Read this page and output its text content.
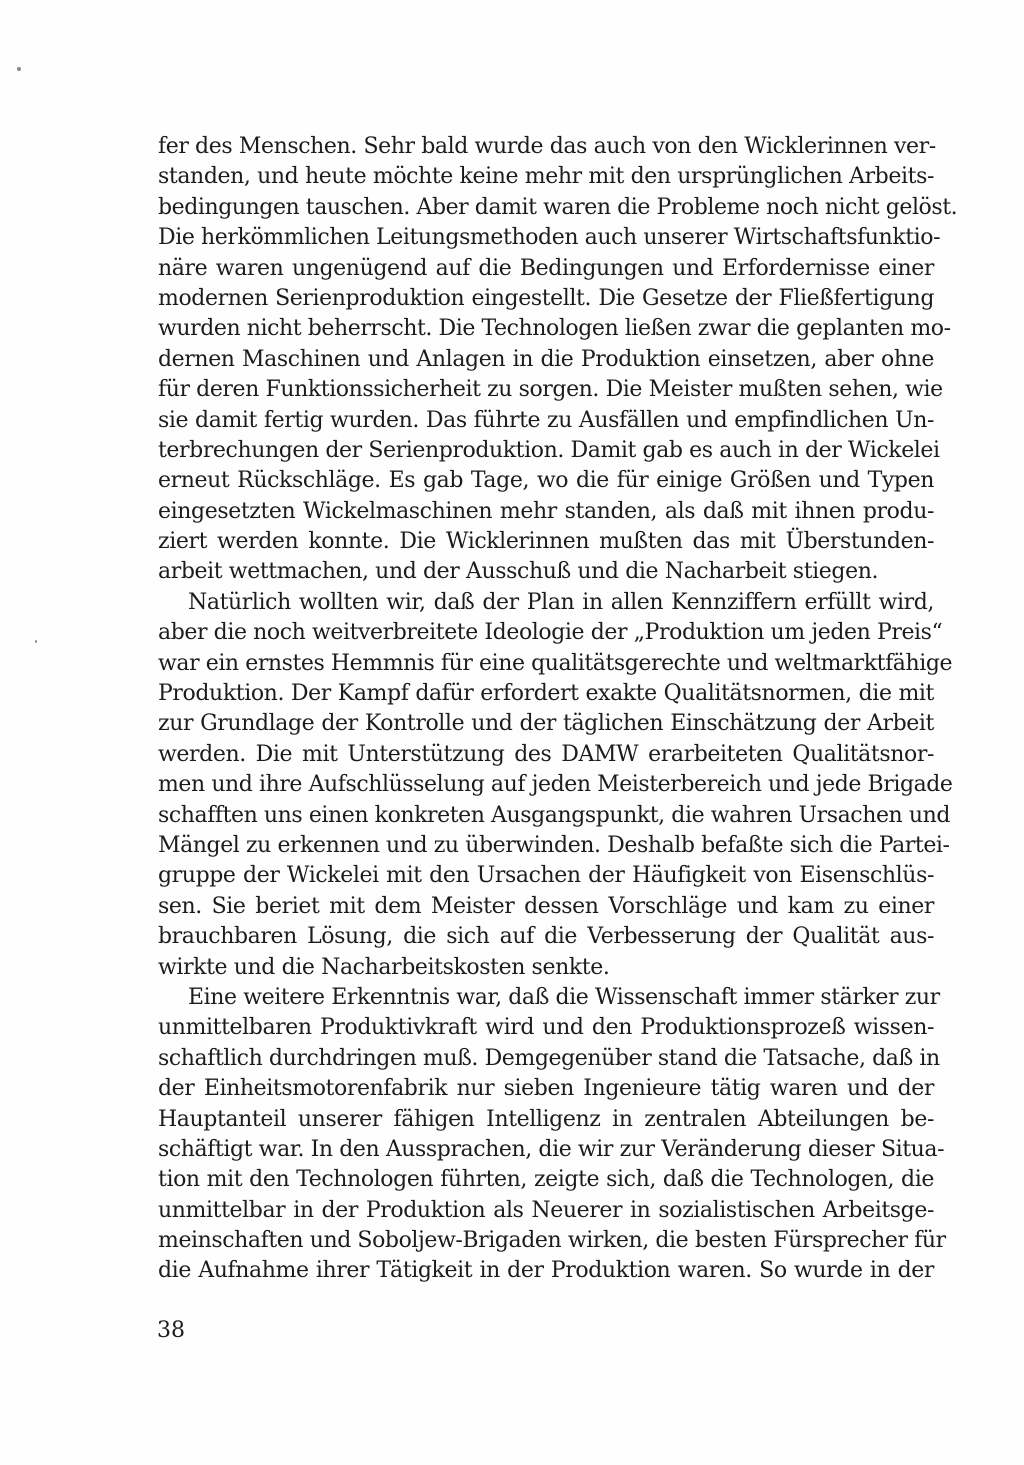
fer des Menschen. Sehr bald wurde das auch von den Wicklerinnen ver-
standen, und heute möchte keine mehr mit den ursprünglichen Arbeits-
bedingungen tauschen. Aber damit waren die Probleme noch nicht gelöst.
Die herkömmlichen Leitungsmethoden auch unserer Wirtschaftsfunktio-
näre waren ungenügend auf die Bedingungen und Erfordernisse einer
modernen Serienproduktion eingestellt. Die Gesetze der Fließfertigung
wurden nicht beherrscht. Die Technologen ließen zwar die geplanten mo-
dernen Maschinen und Anlagen in die Produktion einsetzen, aber ohne
für deren Funktionssicherheit zu sorgen. Die Meister mußten sehen, wie
sie damit fertig wurden. Das führte zu Ausfällen und empfindlichen Un-
terbrechungen der Serienproduktion. Damit gab es auch in der Wickelei
erneut Rückschläge. Es gab Tage, wo die für einige Größen und Typen
eingesetzten Wickelmaschinen mehr standen, als daß mit ihnen produ-
ziert werden konnte. Die Wicklerinnen mußten das mit Überstunden-
arbeit wettmachen, und der Ausschuß und die Nacharbeit stiegen.
Natürlich wollten wir, daß der Plan in allen Kennziffern erfüllt wird,
aber die noch weitverbreitete Ideologie der „Produktion um jeden Preis“
war ein ernstes Hemmnis für eine qualitätsgerechte und weltmarktfähige
Produktion. Der Kampf dafür erfordert exakte Qualitätsnormen, die mit
zur Grundlage der Kontrolle und der täglichen Einschätzung der Arbeit
werden. Die mit Unterstützung des DAMW erarbeiteten Qualitätsnor-
men und ihre Aufschlüsselung auf jeden Meisterbereich und jede Brigade
schafften uns einen konkreten Ausgangspunkt, die wahren Ursachen und
Mängel zu erkennen und zu überwinden. Deshalb befaßte sich die Partei-
gruppe der Wickelei mit den Ursachen der Häufigkeit von Eisenschlüs-
sen. Sie beriet mit dem Meister dessen Vorschläge und kam zu einer
brauchbaren Lösung, die sich auf die Verbesserung der Qualität aus-
wirkte und die Nacharbeitskosten senkte.
Eine weitere Erkenntnis war, daß die Wissenschaft immer stärker zur
unmittelbaren Produktivkraft wird und den Produktionsprozeß wissen-
schaftlich durchdringen muß. Demgegenüber stand die Tatsache, daß in
der Einheitsmotorenfabrik nur sieben Ingenieure tätig waren und der
Hauptanteil unserer fähigen Intelligenz in zentralen Abteilungen be-
schäftigt war. In den Aussprachen, die wir zur Veränderung dieser Situa-
tion mit den Technologen führten, zeigte sich, daß die Technologen, die
unmittelbar in der Produktion als Neuerer in sozialistischen Arbeitsge-
meinschaften und Soboljew-Brigaden wirken, die besten Fürsprecher für
die Aufnahme ihrer Tätigkeit in der Produktion waren. So wurde in der
38
